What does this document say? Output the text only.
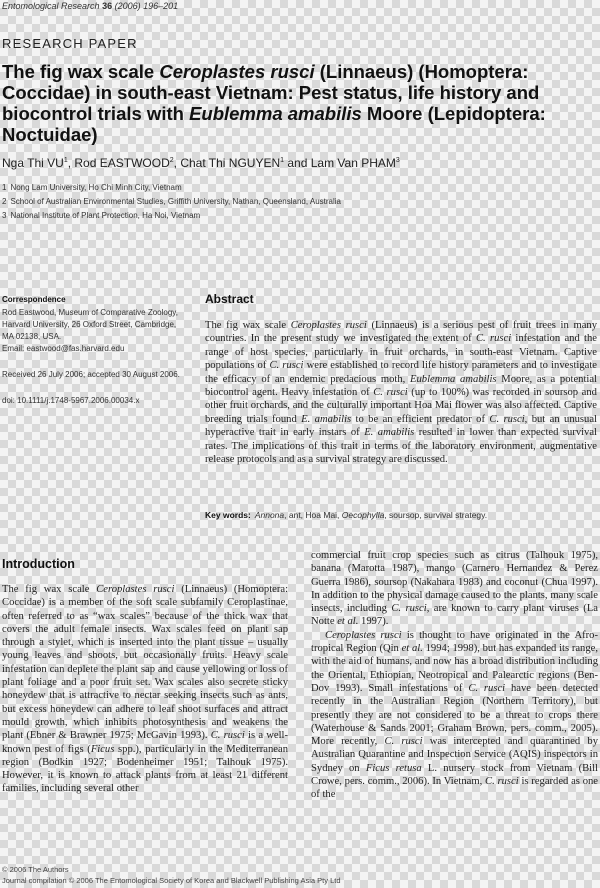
Entomological Research 36 (2006) 196–201
RESEARCH PAPER
The fig wax scale Ceroplastes rusci (Linnaeus) (Homoptera: Coccidae) in south-east Vietnam: Pest status, life history and biocontrol trials with Eublemma amabilis Moore (Lepidoptera: Noctuidae)
Nga Thi $VU^1$, Rod EASTWOOD$^2$, Chat Thi NGUYEN$^1$ and Lam Van PHAM$^3$
1 Nong Lam University, Ho Chi Minh City, Vietnam
2 School of Australian Environmental Studies, Griffith University, Nathan, Queensland, Australia
3 National Institute of Plant Protection, Ha Noi, Vietnam
Correspondence
Rod Eastwood, Museum of Comparative Zoology, Harvard University, 26 Oxford Street, Cambridge, MA 02138, USA.
Email: eastwood@fas.harvard.edu
Received 26 July 2006; accepted 30 August 2006.
doi: 10.1111/j.1748-5967.2006.00034.x
Abstract
The fig wax scale Ceroplastes rusci (Linnaeus) is a serious pest of fruit trees in many countries. In the present study we investigated the extent of C. rusci infestation and the range of host species, particularly in fruit orchards, in south-east Vietnam. Captive populations of C. rusci were established to record life history parameters and to investigate the efficacy of an endemic predacious moth, Eublemma amabilis Moore, as a potential biocontrol agent. Heavy infestation of C. rusci (up to 100%) was recorded in soursop and other fruit orchards, and the culturally important Hoa Mai flower was also affected. Captive breeding trials found E. amabilis to be an efficient predator of C. rusci, but an unusual hyperactive trait in early instars of E. amabilis resulted in lower than expected survival rates. The implications of this trait in terms of the laboratory environment, augmentative release protocols and as a survival strategy are discussed.
Key words: Annona, ant, Hoa Mai, Oecophylla, soursop, survival strategy.
Introduction

The fig wax scale Ceroplastes rusci (Linnaeus) (Homoptera: Coccidae) is a member of the soft scale subfamily Ceroplastinae, often referred to as “wax scales” because of the thick wax that covers the adult female insects. Wax scales feed on plant sap through a stylet, which is inserted into the plant tissue – usually young leaves and shoots, but occasionally fruits. Heavy scale infestation can deplete the plant sap and cause yellowing or loss of plant foliage and a poor fruit set. Wax scales also secrete sticky honeydew that is attractive to nectar seeking insects such as ants, but excess honeydew can adhere to leaf shoot surfaces and attract mould growth, which inhibits photosynthesis and weakens the plant (Ebner & Brawner 1975; McGavin 1993). C. rusci is a well-known pest of figs (Ficus spp.), particularly in the Mediterranean region (Bodkin 1927; Bodenheimer 1951; Talhouk 1975). However, it is known to attack plants from at least 21 different families, including several other

commercial fruit crop species such as citrus (Talhouk 1975), banana (Marotta 1987), mango (Carnero Hernandez & Perez Guerra 1986), soursop (Nakahara 1983) and coconut (Chua 1997). In addition to the physical damage caused to the plants, many scale insects, including C. rusci, are known to carry plant viruses (La Notte et al. 1997).

Ceroplastes rusci is thought to have originated in the Afro-tropical Region (Qin et al. 1994; 1998), but has expanded its range, with the aid of humans, and now has a broad distribution including the Oriental, Ethiopian, Neotropical and Palearctic regions (Ben-Dov 1993). Small infestations of C. rusci have been detected recently in the Australian Region (Northern Territory), but presently they are not considered to be a threat to crops there (Waterhouse & Sands 2001; Graham Brown, pers. comm., 2005). More recently, C. rusci was intercepted and quarantined by Australian Quarantine and Inspection Service (AQIS) inspectors in Sydney on Ficus retusa L. nursery stock from Vietnam (Bill Crowe, pers. comm., 2006). In Vietnam, C. rusci is regarded as one of the

© 2006 The Authors
Journal compilation © 2006 The Entomological Society of Korea and Blackwell Publishing Asia Pty Ltd
